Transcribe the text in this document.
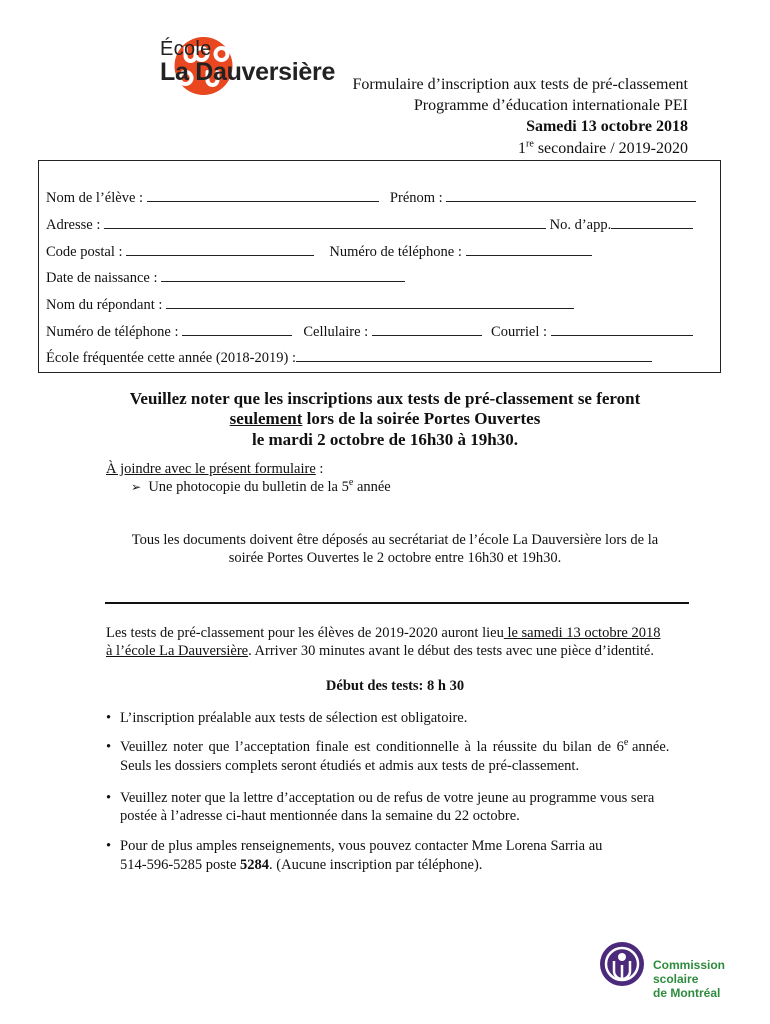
École
La Dauversière Formulaire d’inscription aux tests de pré-classement
Programme d’éducation internationale PEI
Samedi 13 octobre 2018
1re secondaire / 2019-2020
Nom de l’élève :	Prénom :
Adresse :	No. d’app.
Code postal :	Numéro de téléphone :
Date de naissance :
Nom du répondant :
Numéro de téléphone :	Cellulaire :	Courriel :
École fréquentée cette année (2018-2019) :
Veuillez noter que les inscriptions aux tests de pré-classement se feront
seulement lors de la soirée Portes Ouvertes
le mardi 2 octobre de 16h30 à 19h30.
À joindre avec le présent formulaire :
➢ Une photocopie du bulletin de la 5e année
Tous les documents doivent être déposés au secrétariat de l’école La Dauversière lors de la
soirée Portes Ouvertes le 2 octobre entre 16h30 et 19h30.
Les tests de pré-classement pour les élèves de 2019-2020 auront lieu le samedi 13 octobre 2018
à l’école La Dauversière. Arriver 30 minutes avant le début des tests avec une pièce d’identité.
Début des tests: 8 h 30
• L’inscription préalable aux tests de sélection est obligatoire.
• Veuillez noter que l’acceptation finale est conditionnelle à la réussite du bilan de 6e année.
Seuls les dossiers complets seront étudiés et admis aux tests de pré-classement.
• Veuillez noter que la lettre d’acceptation ou de refus de votre jeune au programme vous sera
postée à l’adresse ci-haut mentionnée dans la semaine du 22 octobre.
• Pour de plus amples renseignements, vous pouvez contacter Mme Lorena Sarria au
514-596-5285 poste 5284. (Aucune inscription par téléphone).
Commission
scolaire
de Montréal
